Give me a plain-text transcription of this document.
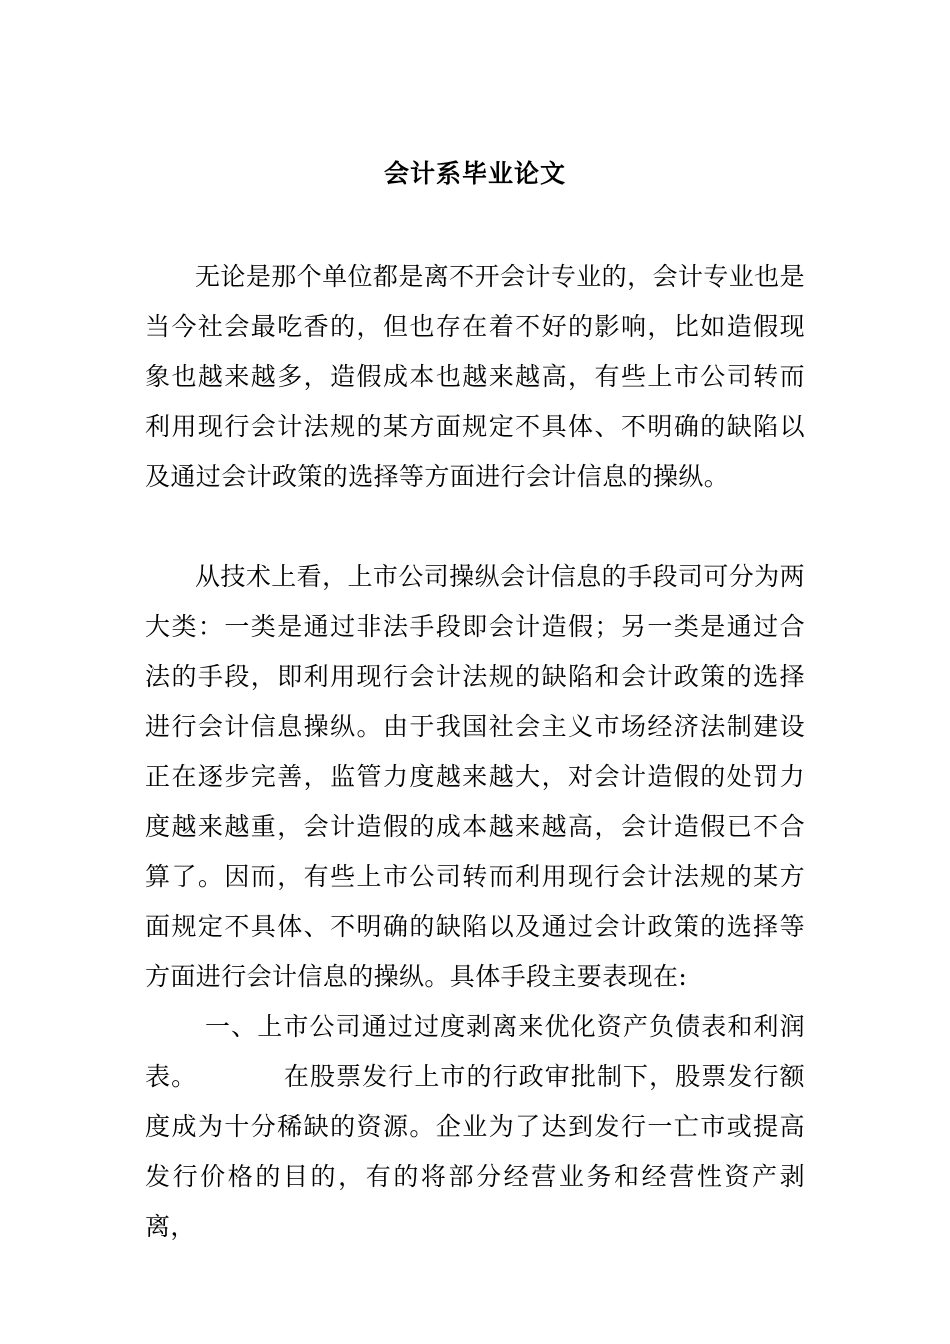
会计系毕业论文

无论是那个单位都是离不开会计专业的，会计专业也是当今社会最吃香的，但也存在着不好的影响，比如造假现象也越来越多，造假成本也越来越高，有些上市公司转而利用现行会计法规的某方面规定不具体、不明确的缺陷以及通过会计政策的选择等方面进行会计信息的操纵。

从技术上看，上市公司操纵会计信息的手段司可分为两大类：一类是通过非法手段即会计造假；另一类是通过合法的手段，即利用现行会计法规的缺陷和会计政策的选择进行会计信息操纵。由于我国社会主义市场经济法制建设正在逐步完善，监管力度越来越大，对会计造假的处罚力度越来越重，会计造假的成本越来越高，会计造假已不合算了。因而，有些上市公司转而利用现行会计法规的某方面规定不具体、不明确的缺陷以及通过会计政策的选择等方面进行会计信息的操纵。具体手段主要表现在:

一、上市公司通过过度剥离来优化资产负债表和利润表。	在股票发行上市的行政审批制下，股票发行额度成为十分稀缺的资源。企业为了达到发行一亡市或提高发行价格的目的，有的将部分经营业务和经营性资产剥离，
